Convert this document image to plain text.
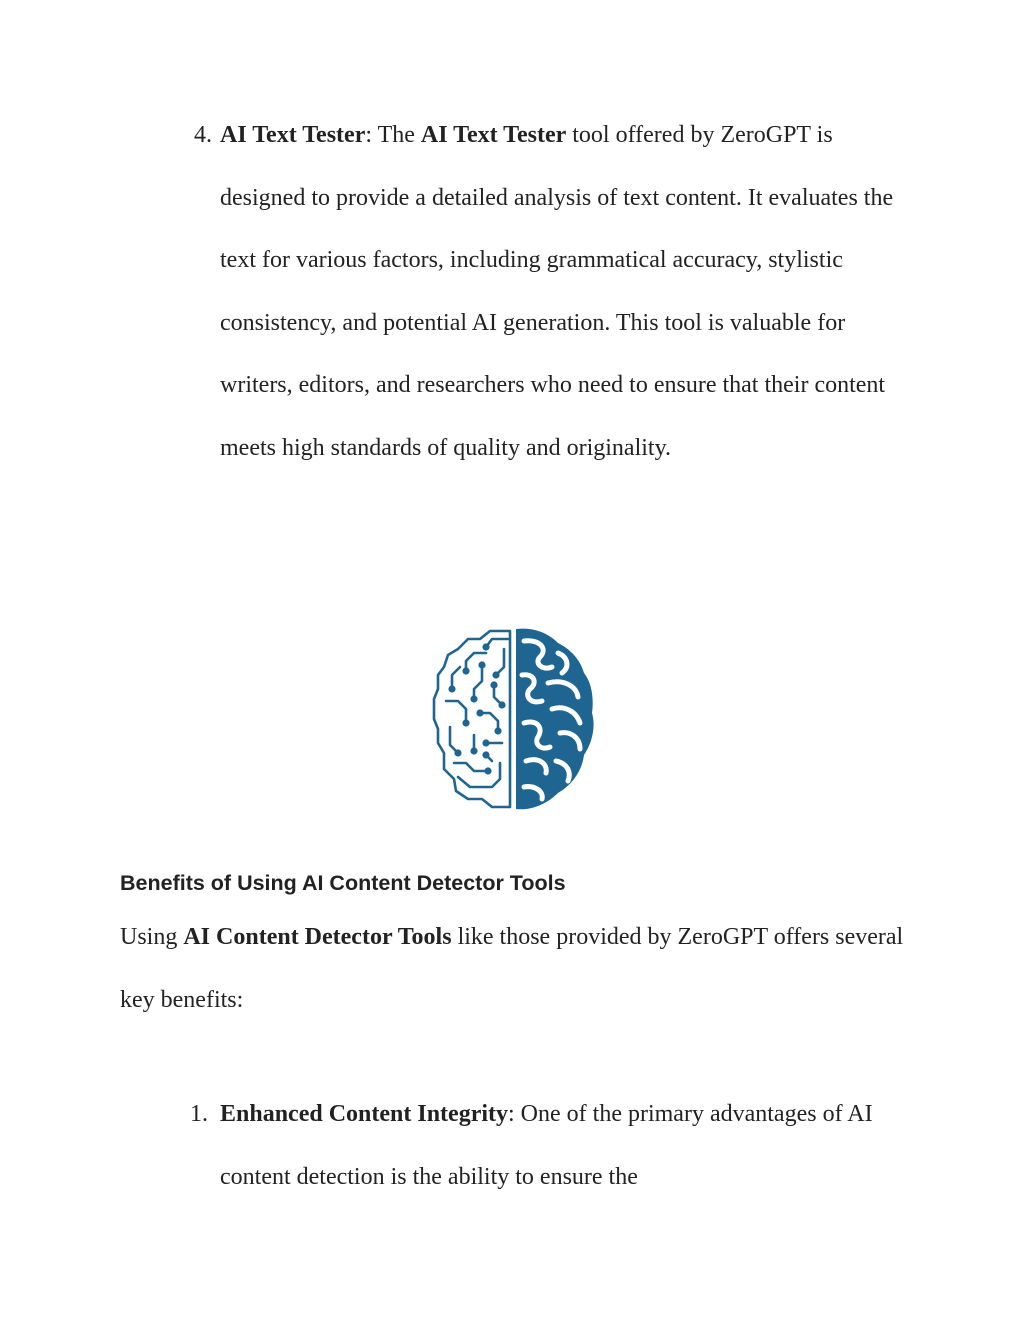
4. AI Text Tester: The AI Text Tester tool offered by ZeroGPT is designed to provide a detailed analysis of text content. It evaluates the text for various factors, including grammatical accuracy, stylistic consistency, and potential AI generation. This tool is valuable for writers, editors, and researchers who need to ensure that their content meets high standards of quality and originality.

Benefits of Using AI Content Detector Tools

Using AI Content Detector Tools like those provided by ZeroGPT offers several key benefits:

1. Enhanced Content Integrity: One of the primary advantages of AI content detection is the ability to ensure the
